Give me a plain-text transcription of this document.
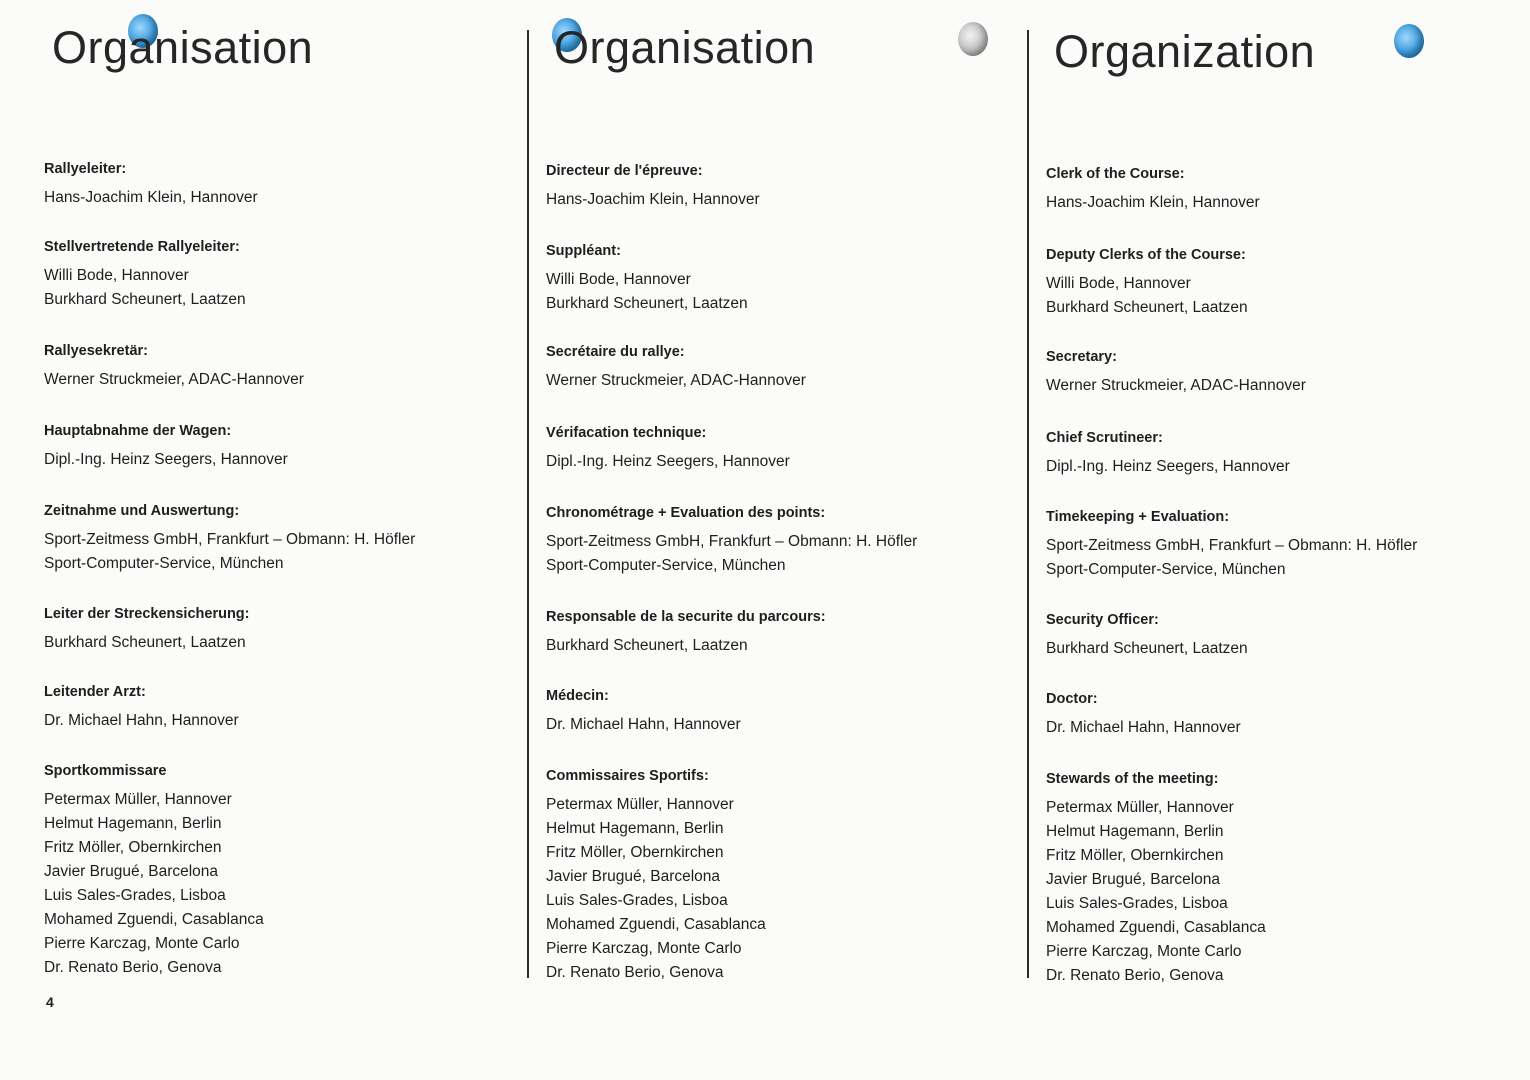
Organisation

Rallyeleiter:

Hans-Joachim Klein, Hannover

Stellvertretende Rallyeleiter:

Willi Bode, Hannover

Burkhard Scheunert, Laatzen

Rallyesekretär:

Werner Struckmeier, ADAC-Hannover

Hauptabnahme der Wagen:

Dipl.-Ing. Heinz Seegers, Hannover

Zeitnahme und Auswertung:

Sport-Zeitmess GmbH, Frankfurt – Obmann: H. Höfler

Sport-Computer-Service, München

Leiter der Streckensicherung:

Burkhard Scheunert, Laatzen

Leitender Arzt:

Dr. Michael Hahn, Hannover

Sportkommissare

Petermax Müller, Hannover

Helmut Hagemann, Berlin

Fritz Möller, Obernkirchen

Javier Brugué, Barcelona

Luis Sales-Grades, Lisboa

Mohamed Zguendi, Casablanca

Pierre Karczag, Monte Carlo

Dr. Renato Berio, Genova

Organisation

Directeur de l'épreuve:

Hans-Joachim Klein, Hannover

Suppléant:

Willi Bode, Hannover

Burkhard Scheunert, Laatzen

Secrétaire du rallye:

Werner Struckmeier, ADAC-Hannover

Vérifacation technique:

Dipl.-Ing. Heinz Seegers, Hannover

Chronométrage + Evaluation des points:

Sport-Zeitmess GmbH, Frankfurt – Obmann: H. Höfler

Sport-Computer-Service, München

Responsable de la securite du parcours:

Burkhard Scheunert, Laatzen

Médecin:

Dr. Michael Hahn, Hannover

Commissaires Sportifs:

Petermax Müller, Hannover

Helmut Hagemann, Berlin

Fritz Möller, Obernkirchen

Javier Brugué, Barcelona

Luis Sales-Grades, Lisboa

Mohamed Zguendi, Casablanca

Pierre Karczag, Monte Carlo

Dr. Renato Berio, Genova

Organization

Clerk of the Course:

Hans-Joachim Klein, Hannover

Deputy Clerks of the Course:

Willi Bode, Hannover

Burkhard Scheunert, Laatzen

Secretary:

Werner Struckmeier, ADAC-Hannover

Chief Scrutineer:

Dipl.-Ing. Heinz Seegers, Hannover

Timekeeping + Evaluation:

Sport-Zeitmess GmbH, Frankfurt – Obmann: H. Höfler

Sport-Computer-Service, München

Security Officer:

Burkhard Scheunert, Laatzen

Doctor:

Dr. Michael Hahn, Hannover

Stewards of the meeting:

Petermax Müller, Hannover

Helmut Hagemann, Berlin

Fritz Möller, Obernkirchen

Javier Brugué, Barcelona

Luis Sales-Grades, Lisboa

Mohamed Zguendi, Casablanca

Pierre Karczag, Monte Carlo

Dr. Renato Berio, Genova

4
